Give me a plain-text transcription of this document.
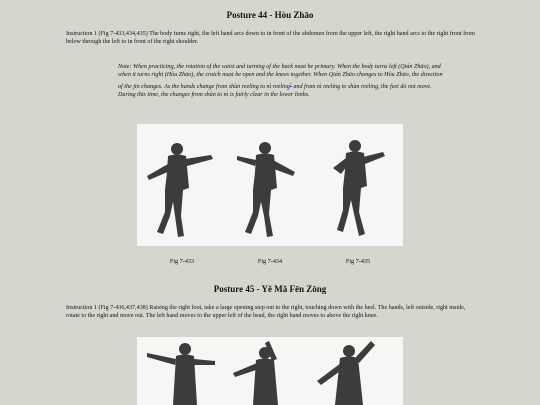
Posture 44 - Hòu Zhāo
Instruction 1 (Fig 7-433,434,435) The body turns right, the left hand arcs down to in front of the abdomen from the upper left, the right hand arcs to the right front from below through the left to in front of the right shoulder.
Note: When practicing, the rotation of the waist and turning of the back must be primary. When the body turns left (Qián Zhāo), and when it turns right (Hòu Zhāo), the crotch must be open and the knees together. When Qián Zhāo changes to Hòu Zhāo, the direction of the jin changes. As the hands change from shùn reeling to nì reeling$^1$ and from nì reeling to shùn reeling, the feet do not move. During this time, the changes from shùn to nì is fairly clear in the lower limbs.
Fig 7-433	Fig 7-434	Fig 7-435
Posture 45 - Yě Mǎ Fēn Zōng
Instruction 1 (Fig 7-436,437,438) Raising the right foot, take a large opening step out to the right, touching down with the heel. The hands, left outside, right inside, rotate to the right and move out. The left hand moves to the upper left of the head, the right hand moves to above the right knee.
